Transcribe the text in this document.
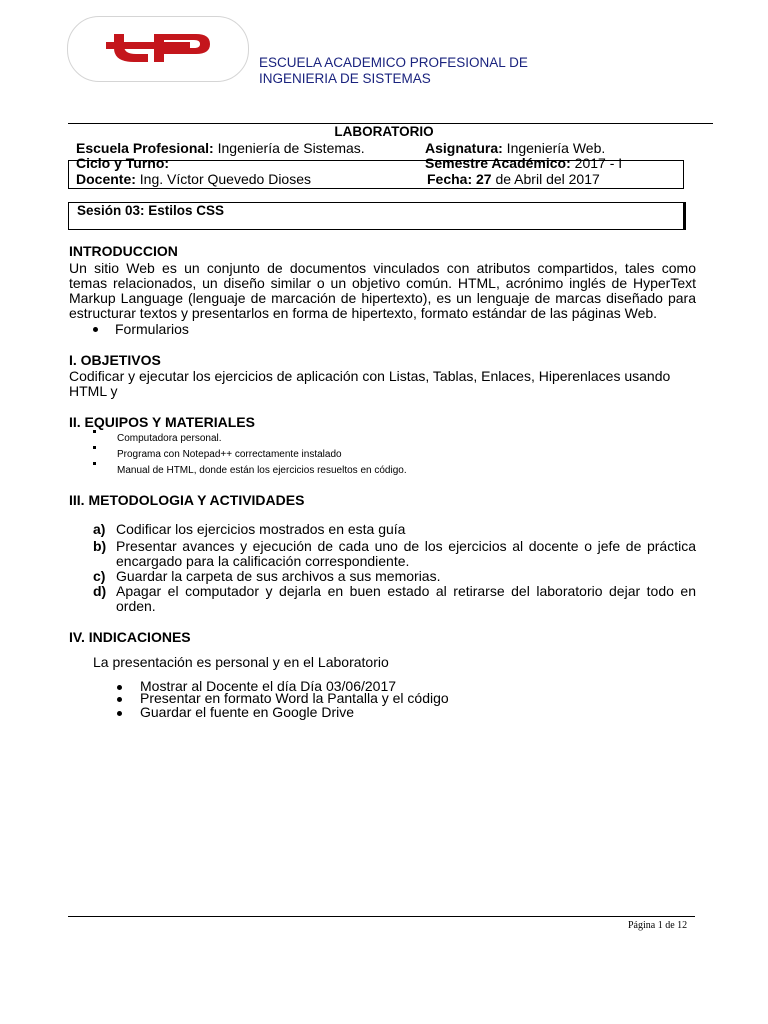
ESCUELA ACADEMICO PROFESIONAL DE
INGENIERIA DE SISTEMAS
LABORATORIO
Escuela Profesional: Ingeniería de Sistemas.	Asignatura: Ingeniería Web.
Ciclo y Turno:	Semestre Académico: 2017 - I
Docente: Ing. Víctor Quevedo Dioses	Fecha: 27 de Abril del 2017
Sesión 03: Estilos CSS
INTRODUCCION
Un sitio Web es un conjunto de documentos vinculados con atributos compartidos, tales como
temas relacionados, un diseño similar o un objetivo común. HTML, acrónimo inglés de HyperText
Markup Language (lenguaje de marcación de hipertexto), es un lenguaje de marcas diseñado para
estructurar textos y presentarlos en forma de hipertexto, formato estándar de las páginas Web.
Formularios
I. OBJETIVOS
Codificar y ejecutar los ejercicios de aplicación con Listas, Tablas, Enlaces, Hiperenlaces usando
HTML y
II. EQUIPOS Y MATERIALES
Computadora personal.
Programa con Notepad++ correctamente instalado
Manual de HTML, donde están los ejercicios resueltos en código.
III. METODOLOGIA Y ACTIVIDADES
a) Codificar los ejercicios mostrados en esta guía
b) Presentar avances y ejecución de cada uno de los ejercicios al docente o jefe de práctica
encargado para la calificación correspondiente.
c) Guardar la carpeta de sus archivos a sus memorias.
d) Apagar el computador y dejarla en buen estado al retirarse del laboratorio dejar todo en
orden.
IV. INDICACIONES
La presentación es personal y en el Laboratorio
Mostrar al Docente el día Día 03/06/2017
Presentar en formato Word la Pantalla y el código
Guardar el fuente en Google Drive
Página 1 de 12
